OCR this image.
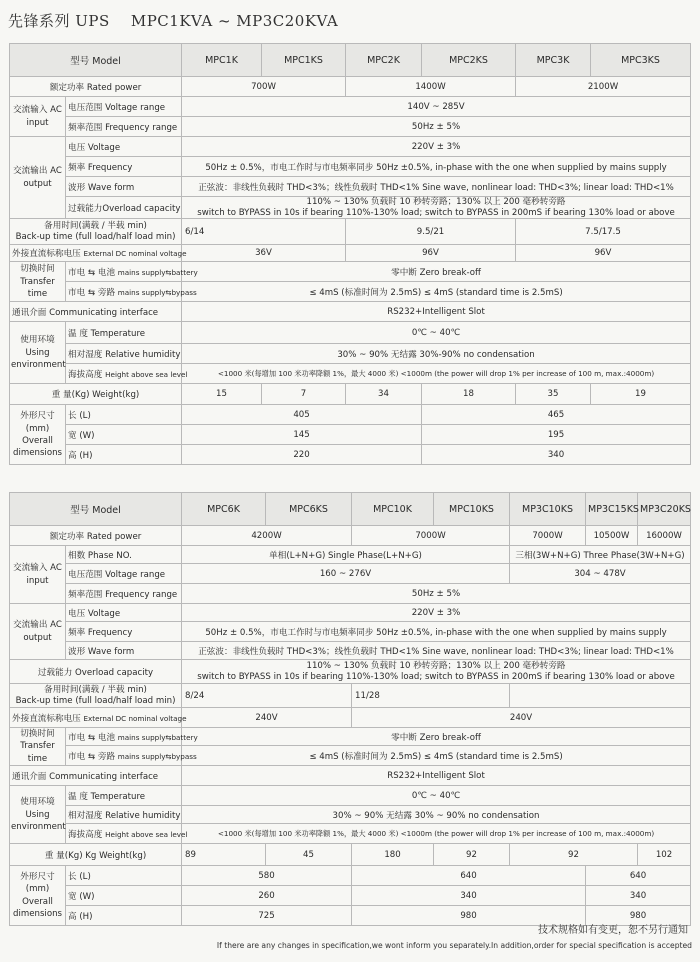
先锋系列 UPS    MPC1KVA ~ MP3C20KVA
型号 Model		MPC1K	MPC1KS	MPC2K	MPC2KS	MPC3K	MPC3KS
额定功率 Rated power		700W		1400W		2100W	
交流输入 AC input	电压范围 Voltage range	140V ~ 285V					
	频率范围 Frequency range	50Hz ± 5%					
交流输出 AC output	电压 Voltage	220V ± 3%					
	频率 Frequency	50Hz ± 0.5%，市电工作时与市电频率同步 50Hz ±0.5%, in-phase with the one when supplied by mains supply					
	波形 Wave form	正弦波：非线性负载时 THD<3%；线性负载时 THD<1% Sine wave, nonlinear load: THD<3%; linear load: THD<1%					
	过载能力Overload capacity	110% ~ 130% 负载时 10 秒转旁路；130% 以上 200 毫秒转旁路
switch to BYPASS in 10s if bearing 110%-130% load; switch to BYPASS in 200mS if bearing 130% load or above					

备用时间(满载 / 半载 min)
Back-up time (full load/half load min)		6/14		9.5/21		7.5/17.5	
外接直流标称电压 External DC nominal voltage		36V		96V		96V	
切换时间 Transfer time	市电 ⇆ 电池 mains supply⇆battery	零中断 Zero break-off					
	市电 ⇆ 旁路 mains supply⇆bypass	≤ 4mS (标准时间为 2.5mS) ≤ 4mS (standard time is 2.5mS)					
通讯介面 Communicating interface		RS232+Intelligent Slot					
使用环境 Using environment	温 度 Temperature	0℃ ~ 40℃					
	相对湿度 Relative humidity	30% ~ 90% 无结露 30%-90% no condensation					
	海拔高度 Height above sea level	<1000 米(每增加 100 米功率降额 1%，最大 4000 米) <1000m (the power will drop 1% per increase of 100 m, max.:4000m)					
重 量(Kg) Weight(kg)		15	7	34	18	35	19
外形尺寸 (mm) Overall dimensions	长 (L)	405			465		
	宽 (W)	145			195		
	高 (H)	220			340		
型号 Model		MPC6K	MPC6KS	MPC10K	MPC10KS	MP3C10KS	MP3C15KS	MP3C20KS	
额定功率 Rated power		4200W		7000W		7000W	10500W	16000W	
交流输入 AC input	相数 Phase NO.	单相(L+N+G) Single Phase(L+N+G)				三相(3W+N+G) Three Phase(3W+N+G)			
	电压范围 Voltage range	160 ~ 276V				304 ~ 478V			
	频率范围 Frequency range	50Hz ± 5%							
交流输出 AC output	电压 Voltage	220V ± 3%							
	频率 Frequency	50Hz ± 0.5%，市电工作时与市电频率同步 50Hz ±0.5%, in-phase with the one when supplied by mains supply							
	波形 Wave form	正弦波：非线性负载时 THD<3%；线性负载时 THD<1% Sine wave, nonlinear load: THD<3%; linear load: THD<1%							
过载能力 Overload capacity		110% ~ 130% 负载时 10 秒转旁路；130% 以上 200 毫秒转旁路
switch to BYPASS in 10s if bearing 110%-130% load; switch to BYPASS in 200mS if bearing 130% load or above							

备用时间(满载 / 半载 min)
Back-up time (full load/half load min)		8/24		11/28					
外接直流标称电压 External DC nominal voltage		240V		240V					
切换时间 Transfer time	市电 ⇆ 电池 mains supply⇆battery	零中断 Zero break-off							
	市电 ⇆ 旁路 mains supply⇆bypass	≤ 4mS (标准时间为 2.5mS) ≤ 4mS (standard time is 2.5mS)							
通讯介面 Communicating interface		RS232+Intelligent Slot							
使用环境 Using environment	温 度 Temperature	0℃ ~ 40℃							
	相对湿度 Relative humidity	30% ~ 90% 无结露 30% ~ 90% no condensation							
	海拔高度 Height above sea level	<1000 米(每增加 100 米功率降额 1%，最大 4000 米) <1000m (the power will drop 1% per increase of 100 m, max.:4000m)							
重 量(Kg) Kg Weight(kg)		89	45	180	92	92		102	
外形尺寸 (mm) Overall dimensions	长 (L)	580		640			640	
	宽 (W)	260		340			340	
	高 (H)	725		980			980	
技术规格如有变更，恕不另行通知
If there are any changes in specification,we wont inform you separately.In addition,order for special specification is accepted
